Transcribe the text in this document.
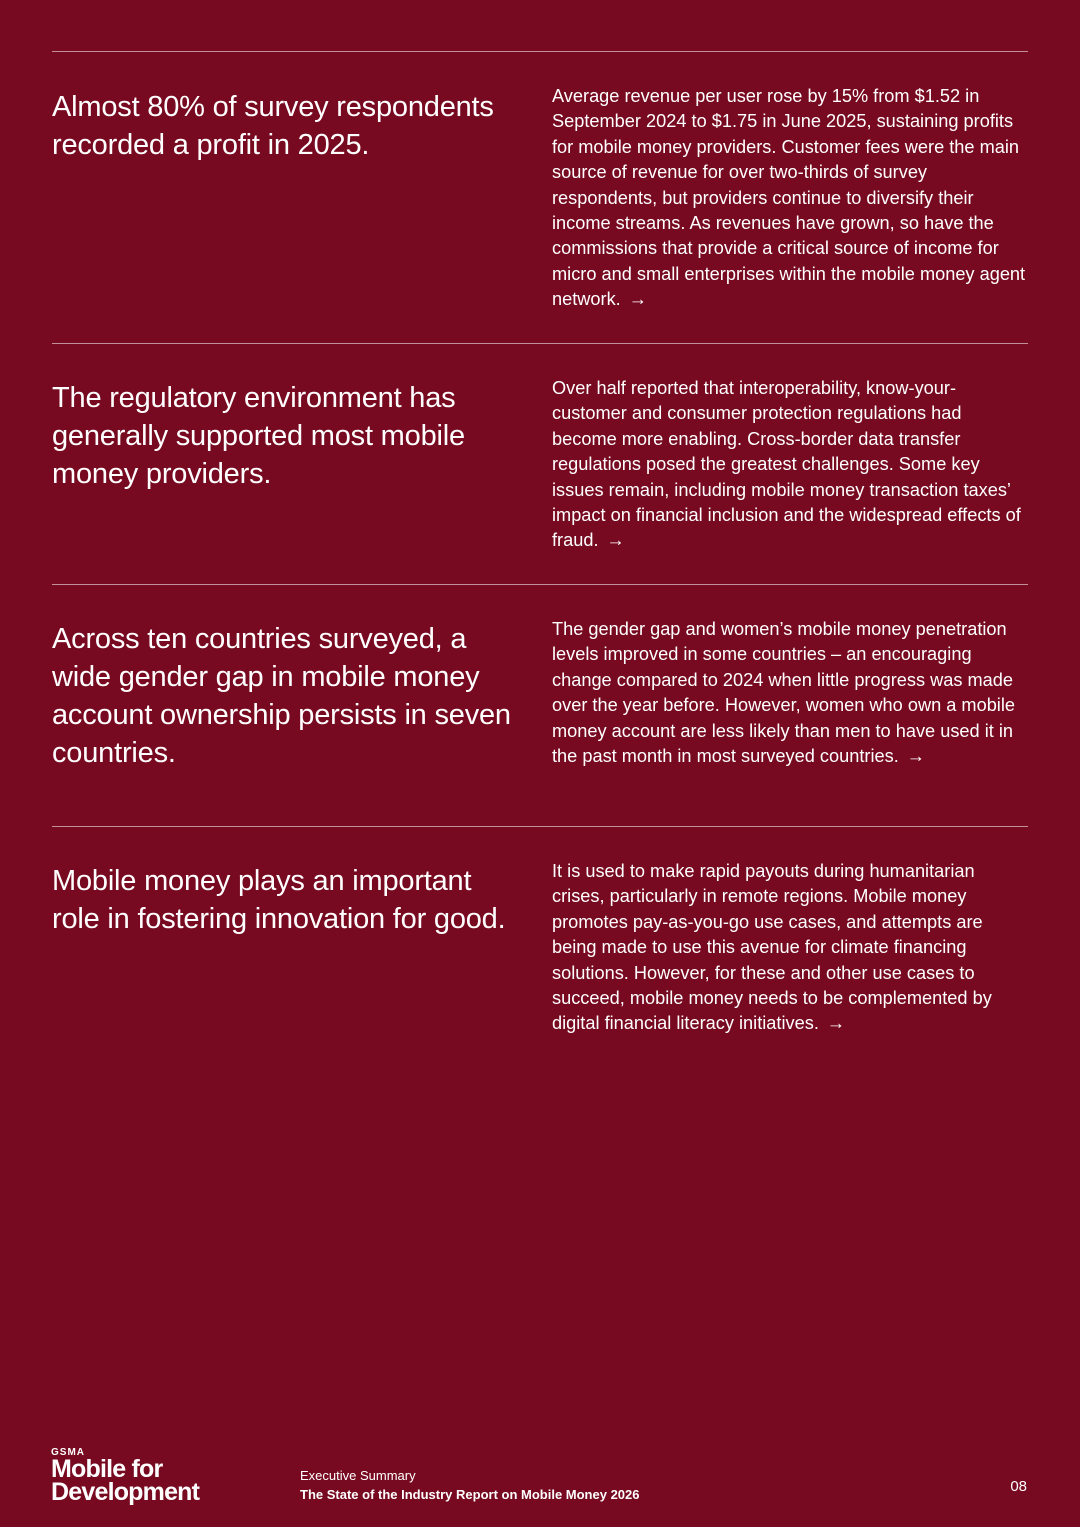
Almost 80% of survey respondents recorded a profit in 2025.

Average revenue per user rose by 15% from $1.52 in September 2024 to $1.75 in June 2025, sustaining profits for mobile money providers. Customer fees were the main source of revenue for over two-thirds of survey respondents, but providers continue to diversify their income streams. As revenues have grown, so have the commissions that provide a critical source of income for micro and small enterprises within the mobile money agent network. →

The regulatory environment has generally supported most mobile money providers.

Over half reported that interoperability, know-your-customer and consumer protection regulations had become more enabling. Cross-border data transfer regulations posed the greatest challenges. Some key issues remain, including mobile money transaction taxes’ impact on financial inclusion and the widespread effects of fraud. →

Across ten countries surveyed, a wide gender gap in mobile money account ownership persists in seven countries.

The gender gap and women’s mobile money penetration levels improved in some countries – an encouraging change compared to 2024 when little progress was made over the year before. However, women who own a mobile money account are less likely than men to have used it in the past month in most surveyed countries. →

Mobile money plays an important role in fostering innovation for good.

It is used to make rapid payouts during humanitarian crises, particularly in remote regions. Mobile money promotes pay-as-you-go use cases, and attempts are being made to use this avenue for climate financing solutions. However, for these and other use cases to succeed, mobile money needs to be complemented by digital financial literacy initiatives. →

GSMA
Mobile for
Development
Executive Summary
The State of the Industry Report on Mobile Money 2026	08
